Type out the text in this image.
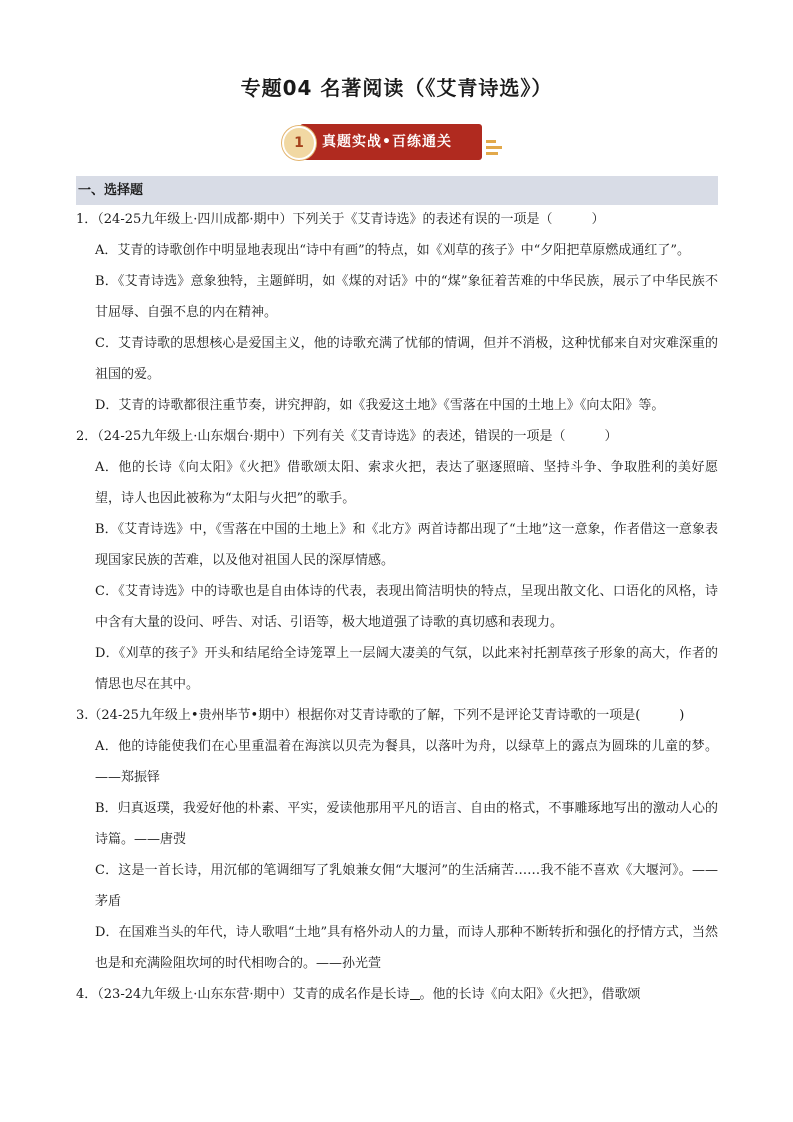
专题04 名著阅读（《艾青诗选》）
1	真题实战•百练通关
一、选择题
1．（24-25九年级上·四川成都·期中）下列关于《艾青诗选》的表述有误的一项是（　　　）
A．艾青的诗歌创作中明显地表现出“诗中有画”的特点，如《刈草的孩子》中“夕阳把草原燃成通红了”。
B．《艾青诗选》意象独特，主题鲜明，如《煤的对话》中的“煤”象征着苦难的中华民族，展示了中华民族不甘屈辱、自强不息的内在精神。
C．艾青诗歌的思想核心是爱国主义，他的诗歌充满了忧郁的情调，但并不消极，这种忧郁来自对灾难深重的祖国的爱。
D．艾青的诗歌都很注重节奏，讲究押韵，如《我爱这土地》《雪落在中国的土地上》《向太阳》等。
2．（24-25九年级上·山东烟台·期中）下列有关《艾青诗选》的表述，错误的一项是（　　　）
A．他的长诗《向太阳》《火把》借歌颂太阳、索求火把，表达了驱逐照暗、坚持斗争、争取胜利的美好愿望，诗人也因此被称为“太阳与火把”的歌手。
B．《艾青诗选》中，《雪落在中国的土地上》和《北方》两首诗都出现了“土地”这一意象，作者借这一意象表现国家民族的苦难，以及他对祖国人民的深厚情感。
C．《艾青诗选》中的诗歌也是自由体诗的代表，表现出简洁明快的特点，呈现出散文化、口语化的风格，诗中含有大量的设问、呼告、对话、引语等，极大地道强了诗歌的真切感和表现力。
D．《刈草的孩子》开头和结尾给全诗笼罩上一层阔大凄美的气氛，以此来衬托割草孩子形象的高大，作者的情思也尽在其中。
3.（24-25九年级上•贵州毕节•期中）根据你对艾青诗歌的了解，下列不是评论艾青诗歌的一项是(　　　)
A．他的诗能使我们在心里重温着在海滨以贝壳为餐具，以落叶为舟，以绿草上的露点为圆珠的儿童的梦。——郑振铎
B．归真返璞，我爱好他的朴素、平实，爱读他那用平凡的语言、自由的格式，不事雕琢地写出的激动人心的诗篇。——唐弢
C．这是一首长诗，用沉郁的笔调细写了乳娘兼女佣“大堰河”的生活痛苦……我不能不喜欢《大堰河》。——茅盾
D．在国难当头的年代，诗人歌唱“土地”具有格外动人的力量，而诗人那种不断转折和强化的抒情方式，当然也是和充满险阻坎坷的时代相吻合的。——孙光萱
4．（23-24九年级上·山东东营·期中）艾青的成名作是长诗 。他的长诗《向太阳》《火把》，借歌颂
